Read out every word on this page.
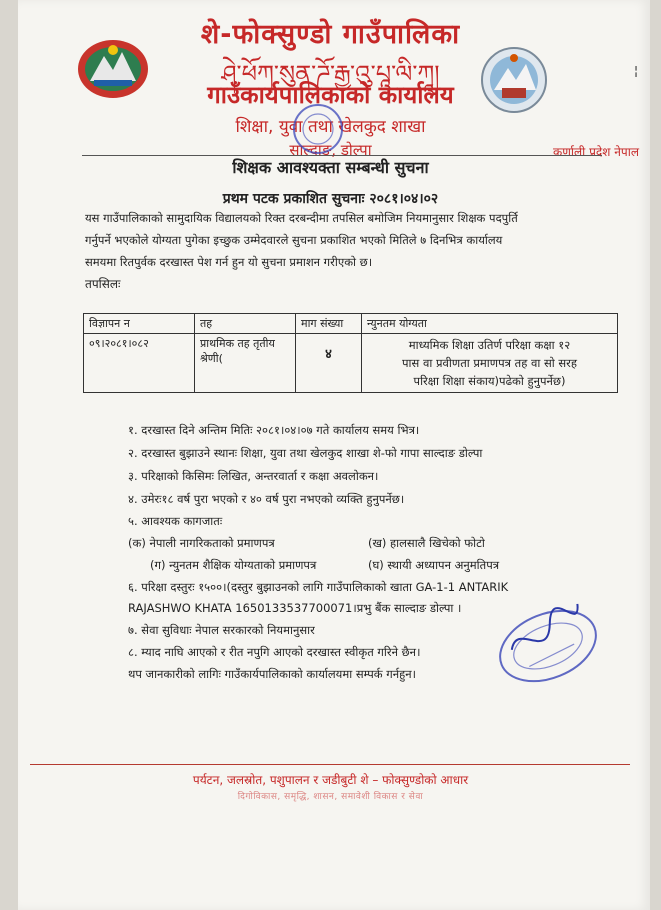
शे-फोक्सुण्डो गाउँपालिका
ཤེ་ཕོཀ་སུན་ཌོ་རྒྱ་འུ་པཱ་ལི་ཀཱ།
गाउँकार्यपालिकाको कार्यालय
शिक्षा, युवा तथा खेलकुद शाखा
साल्दाङ, डोल्पा	कर्णाली प्रदेश नेपाल
¦
शिक्षक आवश्यक्ता सम्बन्धी सुचना
प्रथम पटक प्रकाशित सुचनाः २०८१।०४।०२
यस गाउँपालिकाको सामुदायिक विद्यालयको रिक्त दरबन्दीमा तपसिल बमोजिम नियमानुसार शिक्षक पदपुर्ति
गर्नुपर्ने भएकोले योग्यता पुगेका इच्छुक उम्मेदवारले सुचना प्रकाशित भएको मितिले ७ दिनभित्र कार्यालय
समयमा रितपुर्वक दरखास्त पेश गर्न हुन यो सुचना प्रमाशन गरीएको छ।
तपसिलः
विज्ञापन न	तह	माग संख्या	न्युनतम योग्यता
०९।२०८१।०८२	प्राथमिक तह तृतीय श्रेणी(	४	माध्यमिक शिक्षा उतिर्ण परिक्षा कक्षा १२
पास वा प्रवीणता प्रमाणपत्र तह वा सो सरह
परिक्षा शिक्षा संकाय)पढेको हुनुपर्नेछ)
१. दरखास्त दिने अन्तिम मितिः २०८१।०४।०७ गते कार्यालय समय भित्र।
२. दरखास्त बुझाउने स्थानः शिक्षा, युवा तथा खेलकुद शाखा शे-फो गापा साल्दाङ डोल्पा
३. परिक्षाको किसिमः लिखित, अन्तरवार्ता र कक्षा अवलोकन।
४. उमेरः१८ वर्ष पुरा भएको र ४० वर्ष पुरा नभएको व्यक्ति हुनुपर्नेछ।
५. आवश्यक कागजातः
(क) नेपाली नागरिकताको प्रमाणपत्र	(ख) हालसालै खिचेको फोटो
(ग) न्युनतम शैक्षिक योग्यताको प्रमाणपत्र	(घ) स्थायी अध्यापन अनुमतिपत्र
६. परिक्षा दस्तुरः १५००।(दस्तुर बुझाउनको लागि गाउँपालिकाको खाता GA-1-1 ANTARIK
RAJASHWO KHATA 1650133537700071।प्रभु बैंक साल्दाङ डोल्पा ।
७. सेवा सुविधाः नेपाल सरकारको नियमानुसार
८. म्याद नाघि आएको र रीत नपुगि आएको दरखास्त स्वीकृत गरिने छैन।
थप जानकारीको लागिः गाउँकार्यपालिकाको कार्यालयमा सम्पर्क गर्नहुन।
पर्यटन, जलस्रोत, पशुपालन र जडीबुटी शे – फोक्सुण्डोको आधार
दिगोविकास, समृद्धि, शासन, समावेशी विकास र सेवा
